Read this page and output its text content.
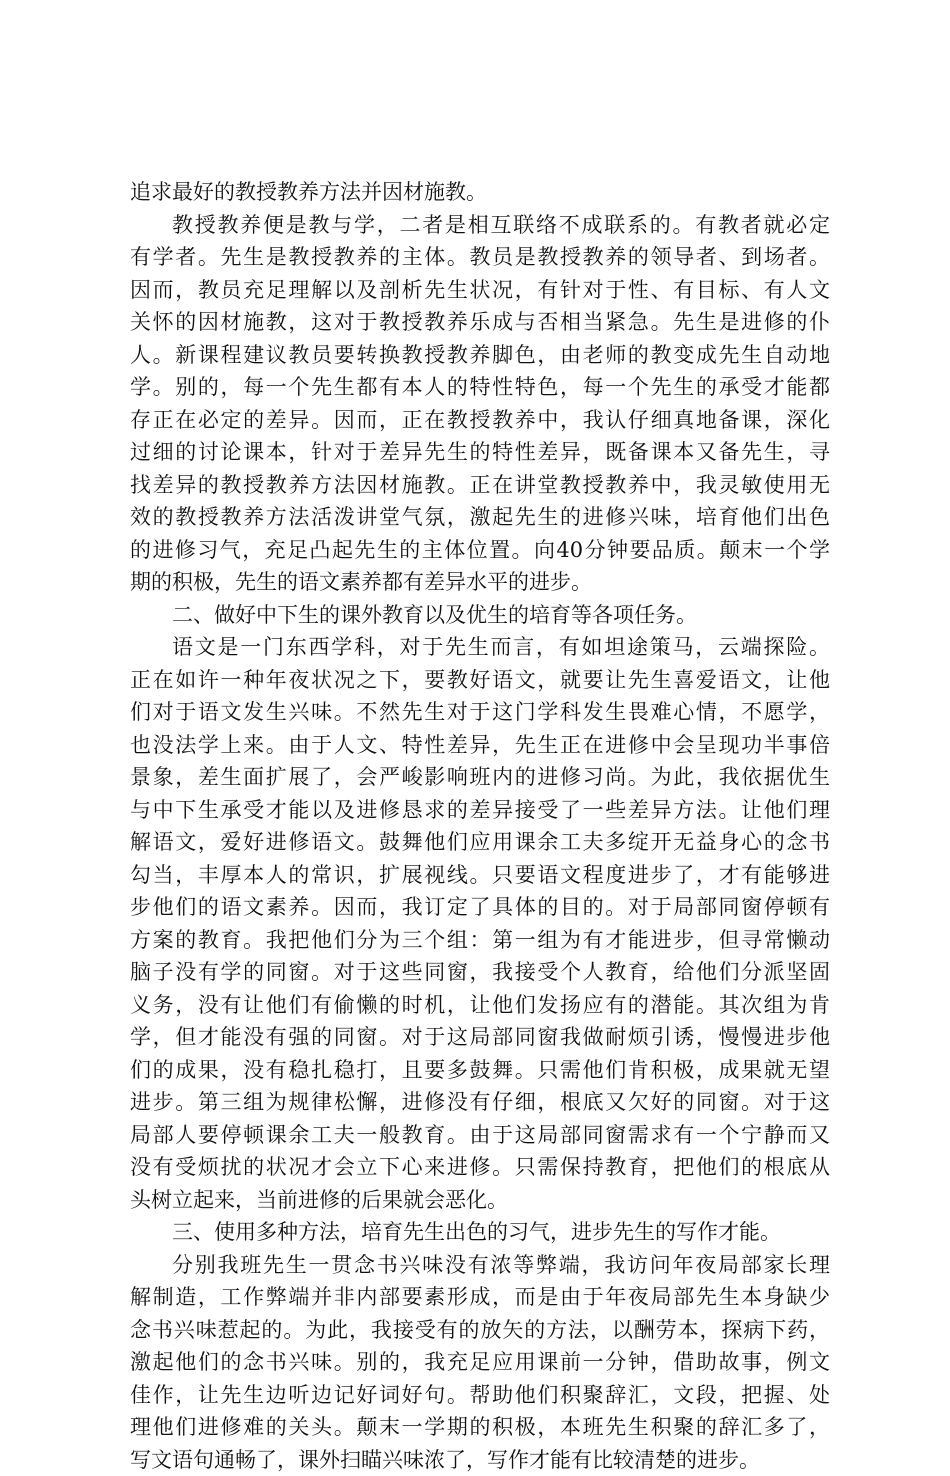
追求最好的教授教养方法并因材施教。
教授教养便是教与学，二者是相互联络不成联系的。有教者就必定
有学者。先生是教授教养的主体。教员是教授教养的领导者、到场者。
因而，教员充足理解以及剖析先生状况，有针对于性、有目标、有人文
关怀的因材施教，这对于教授教养乐成与否相当紧急。先生是进修的仆
人。新课程建议教员要转换教授教养脚色，由老师的教变成先生自动地
学。别的，每一个先生都有本人的特性特色，每一个先生的承受才能都
存正在必定的差异。因而，正在教授教养中，我认仔细真地备课，深化
过细的讨论课本，针对于差异先生的特性差异，既备课本又备先生，寻
找差异的教授教养方法因材施教。正在讲堂教授教养中，我灵敏使用无
效的教授教养方法活泼讲堂气氛，激起先生的进修兴味，培育他们出色
的进修习气，充足凸起先生的主体位置。向40分钟要品质。颠末一个学
期的积极，先生的语文素养都有差异水平的进步。
二、做好中下生的课外教育以及优生的培育等各项任务。
语文是一门东西学科，对于先生而言，有如坦途策马，云端探险。
正在如许一种年夜状况之下，要教好语文，就要让先生喜爱语文，让他
们对于语文发生兴味。不然先生对于这门学科发生畏难心情，不愿学，
也没法学上来。由于人文、特性差异，先生正在进修中会呈现功半事倍
景象，差生面扩展了，会严峻影响班内的进修习尚。为此，我依据优生
与中下生承受才能以及进修恳求的差异接受了一些差异方法。让他们理
解语文，爱好进修语文。鼓舞他们应用课余工夫多绽开无益身心的念书
勾当，丰厚本人的常识，扩展视线。只要语文程度进步了，才有能够进
步他们的语文素养。因而，我订定了具体的目的。对于局部同窗停顿有
方案的教育。我把他们分为三个组：第一组为有才能进步，但寻常懒动
脑子没有学的同窗。对于这些同窗，我接受个人教育，给他们分派坚固
义务，没有让他们有偷懒的时机，让他们发扬应有的潜能。其次组为肯
学，但才能没有强的同窗。对于这局部同窗我做耐烦引诱，慢慢进步他
们的成果，没有稳扎稳打，且要多鼓舞。只需他们肯积极，成果就无望
进步。第三组为规律松懈，进修没有仔细，根底又欠好的同窗。对于这
局部人要停顿课余工夫一般教育。由于这局部同窗需求有一个宁静而又
没有受烦扰的状况才会立下心来进修。只需保持教育，把他们的根底从
头树立起来，当前进修的后果就会恶化。
三、使用多种方法，培育先生出色的习气，进步先生的写作才能。
分别我班先生一贯念书兴味没有浓等弊端，我访问年夜局部家长理
解制造，工作弊端并非内部要素形成，而是由于年夜局部先生本身缺少
念书兴味惹起的。为此，我接受有的放矢的方法，以酬劳本，探病下药，
激起他们的念书兴味。别的，我充足应用课前一分钟，借助故事，例文
佳作，让先生边听边记好词好句。帮助他们积聚辞汇，文段，把握、处
理他们进修难的关头。颠末一学期的积极，本班先生积聚的辞汇多了，
写文语句通畅了，课外扫瞄兴味浓了，写作才能有比较清楚的进步。
